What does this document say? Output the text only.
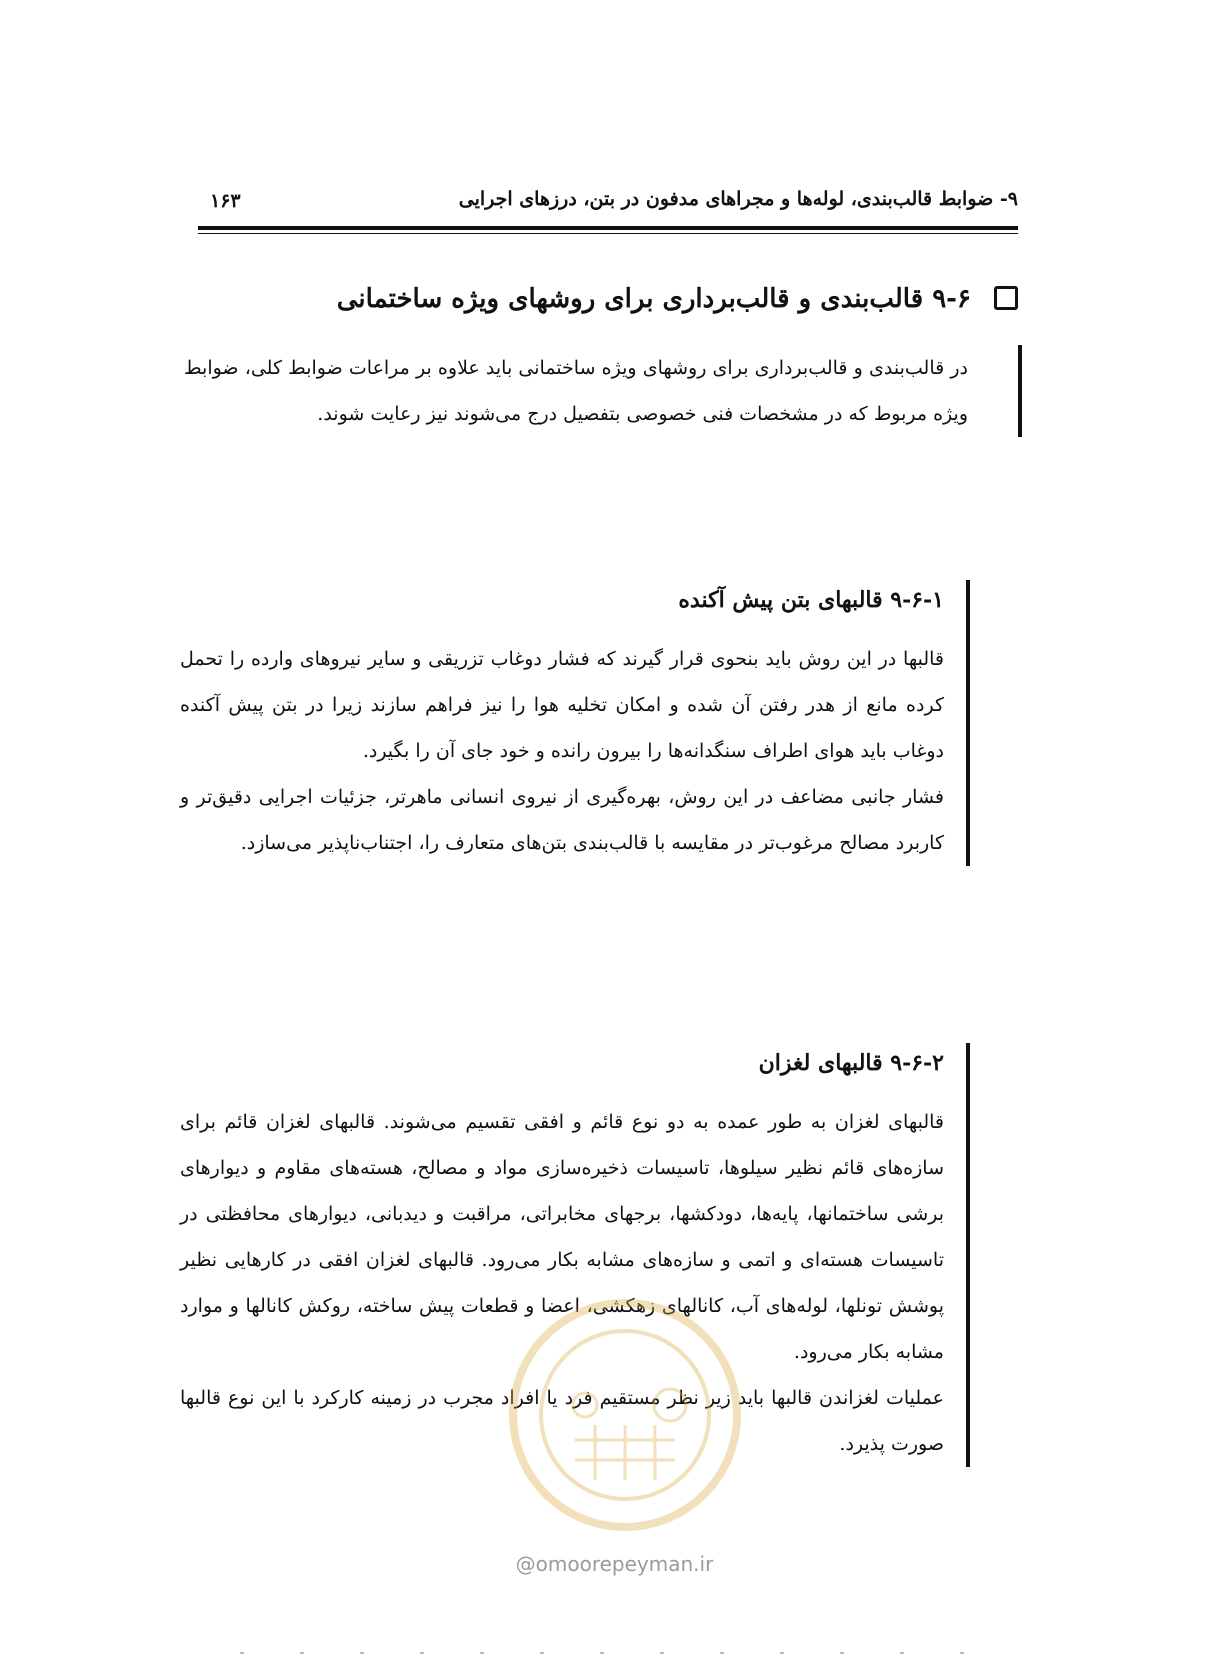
۹- ضوابط قالب‌بندی، لوله‌ها و مجراهای مدفون در بتن، درزهای اجرایی
۱۶۳
۹-۶ قالب‌بندی و قالب‌برداری برای روشهای ویژه ساختمانی

در قالب‌بندی و قالب‌برداری برای روشهای ویژه ساختمانی باید علاوه بر مراعات ضوابط کلی، ضوابط ویژه مربوط که در مشخصات فنی خصوصی بتفصیل درج می‌شوند نیز رعایت شوند.

۹-۶-۱ قالبهای بتن پیش آکنده

قالبها در این روش باید بنحوی قرار گیرند که فشار دوغاب تزریقی و سایر نیروهای وارده را تحمل کرده مانع از هدر رفتن آن شده و امکان تخلیه هوا را نیز فراهم سازند زیرا در بتن پیش آکنده دوغاب باید هوای اطراف سنگدانه‌ها را بیرون رانده و خود جای آن را بگیرد.

فشار جانبی مضاعف در این روش، بهره‌گیری از نیروی انسانی ماهرتر، جزئیات اجرایی دقیق‌تر و کاربرد مصالح مرغوب‌تر در مقایسه با قالب‌بندی بتن‌های متعارف را، اجتناب‌ناپذیر می‌سازد.

۹-۶-۲ قالبهای لغزان

قالبهای لغزان به طور عمده به دو نوع قائم و افقی تقسیم می‌شوند. قالبهای لغزان قائم برای سازه‌های قائم نظیر سیلوها، تاسیسات ذخیره‌سازی مواد و مصالح، هسته‌های مقاوم و دیوارهای برشی ساختمانها، پایه‌ها، دودکشها، برجهای مخابراتی، مراقبت و دیدبانی، دیوارهای محافظتی در تاسیسات هسته‌ای و اتمی و سازه‌های مشابه بکار می‌رود. قالبهای لغزان افقی در کارهایی نظیر پوشش تونلها، لوله‌های آب، کانالهای زهکشی، اعضا و قطعات پیش ساخته، روکش کانالها و موارد مشابه بکار می‌رود.

عملیات لغزاندن قالبها باید زیر نظر مستقیم فرد یا افراد مجرب در زمینه کارکرد با این نوع قالبها صورت پذیرد.

@omoorepeyman.ir
